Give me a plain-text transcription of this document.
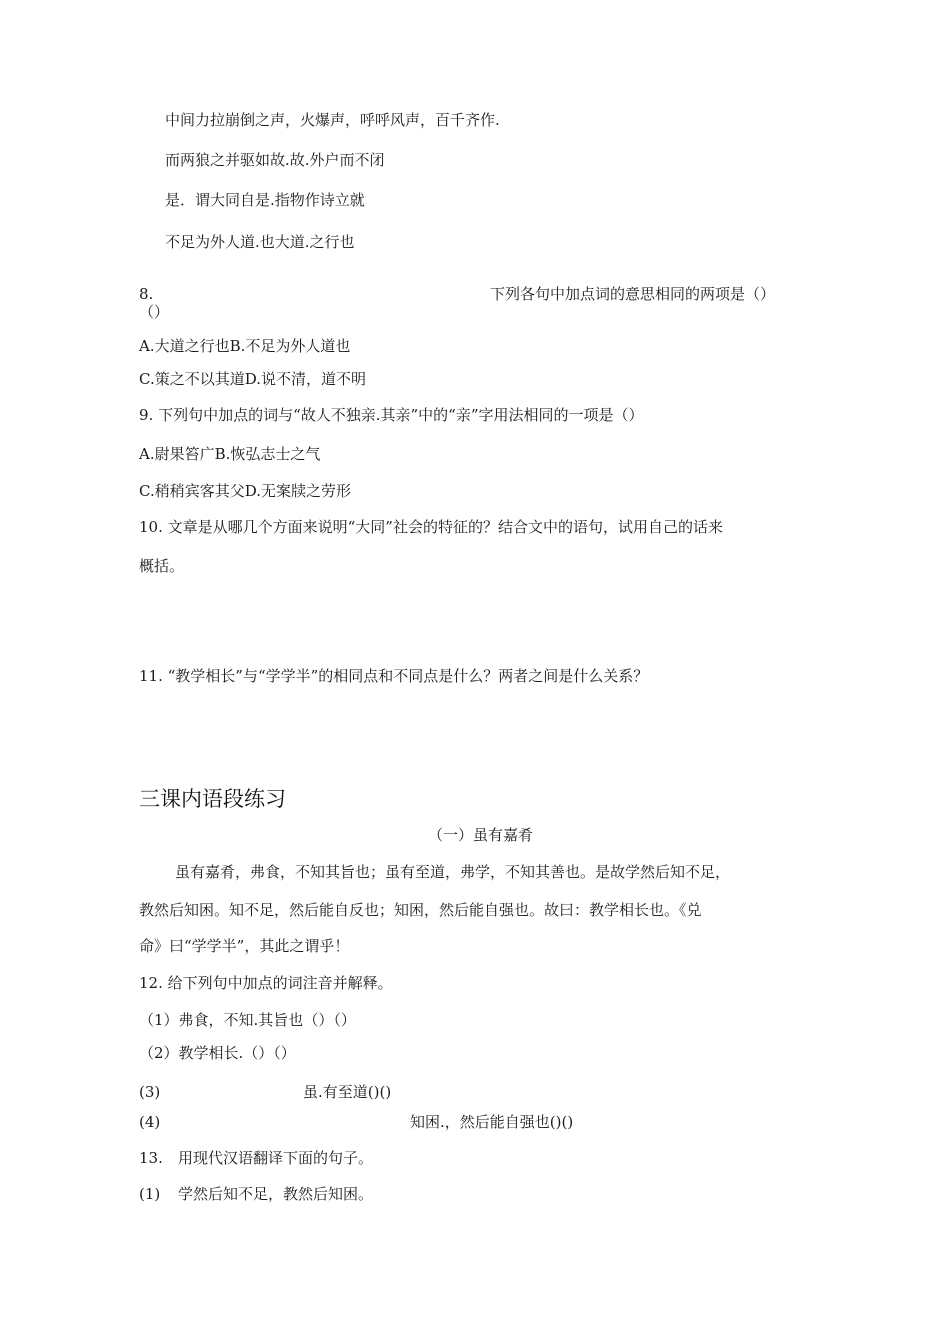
中间力拉崩倒之声，火爆声，呼呼风声，百千齐作.
而两狼之并驱如故.故.外户而不闭
是．谓大同自是.指物作诗立就
不足为外人道.也大道.之行也
8.	下列各句中加点词的意思相同的两项是（）
（）
A.大道之行也B.不足为外人道也
C.策之不以其道D.说不清，道不明
9. 下列句中加点的词与“故人不独亲.其亲”中的“亲”字用法相同的一项是（）
A.尉果笞广B.恢弘志士之气
C.稍稍宾客其父D.无案牍之劳形
10. 文章是从哪几个方面来说明“大同”社会的特征的？结合文中的语句，试用自己的话来
概括。
11. “教学相长”与“学学半”的相同点和不同点是什么？两者之间是什么关系？
三课内语段练习
（一）虽有嘉肴
虽有嘉肴，弗食，不知其旨也；虽有至道，弗学，不知其善也。是故学然后知不足，
教然后知困。知不足，然后能自反也；知困，然后能自强也。故曰：教学相长也。《兑
命》曰“学学半”，其此之谓乎！
12. 给下列句中加点的词注音并解释。
（1）弗食，不知.其旨也（）（）
（2）教学相长.（）（）
(3)	虽.有至道()()
(4)	知困.，然后能自强也()()
13. 用现代汉语翻译下面的句子。
(1) 学然后知不足，教然后知困。
